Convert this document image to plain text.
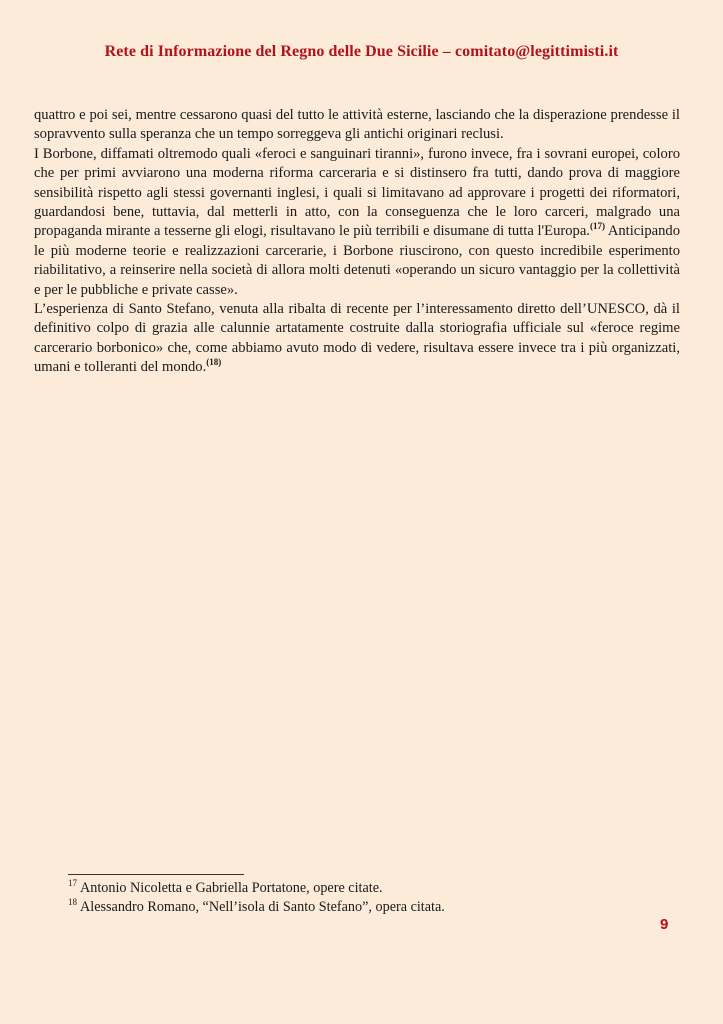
Rete di Informazione del Regno delle Due Sicilie – comitato@legittimisti.it

quattro e poi sei, mentre cessarono quasi del tutto le attività esterne, lasciando che la disperazione prendesse il sopravvento sulla speranza che un tempo sorreggeva gli antichi originari reclusi.

I Borbone, diffamati oltremodo quali «feroci e sanguinari tiranni», furono invece, fra i sovrani europei, coloro che per primi avviarono una moderna riforma carceraria e si distinsero fra tutti, dando prova di maggiore sensibilità rispetto agli stessi governanti inglesi, i quali si limitavano ad approvare i progetti dei riformatori, guardandosi bene, tuttavia, dal metterli in atto, con la conseguenza che le loro carceri, malgrado una propaganda mirante a tesserne gli elogi, risultavano le più terribili e disumane di tutta l'Europa.$^{(17)}$ Anticipando le più moderne teorie e realizzazioni carcerarie, i Borbone riuscirono, con questo incredibile esperimento riabilitativo, a reinserire nella società di allora molti detenuti «operando un sicuro vantaggio per la collettività e per le pubbliche e private casse».

L’esperienza di Santo Stefano, venuta alla ribalta di recente per l’interessamento diretto dell’UNESCO, dà il definitivo colpo di grazia alle calunnie artatamente costruite dalla storiografia ufficiale sul «feroce regime carcerario borbonico» che, come abbiamo avuto modo di vedere, risultava essere invece tra i più organizzati, umani e tolleranti del mondo.$^{(18)}$

$^{17}$ Antonio Nicoletta e Gabriella Portatone, opere citate.
$^{18}$ Alessandro Romano, “Nell’isola di Santo Stefano”, opera citata.
9
